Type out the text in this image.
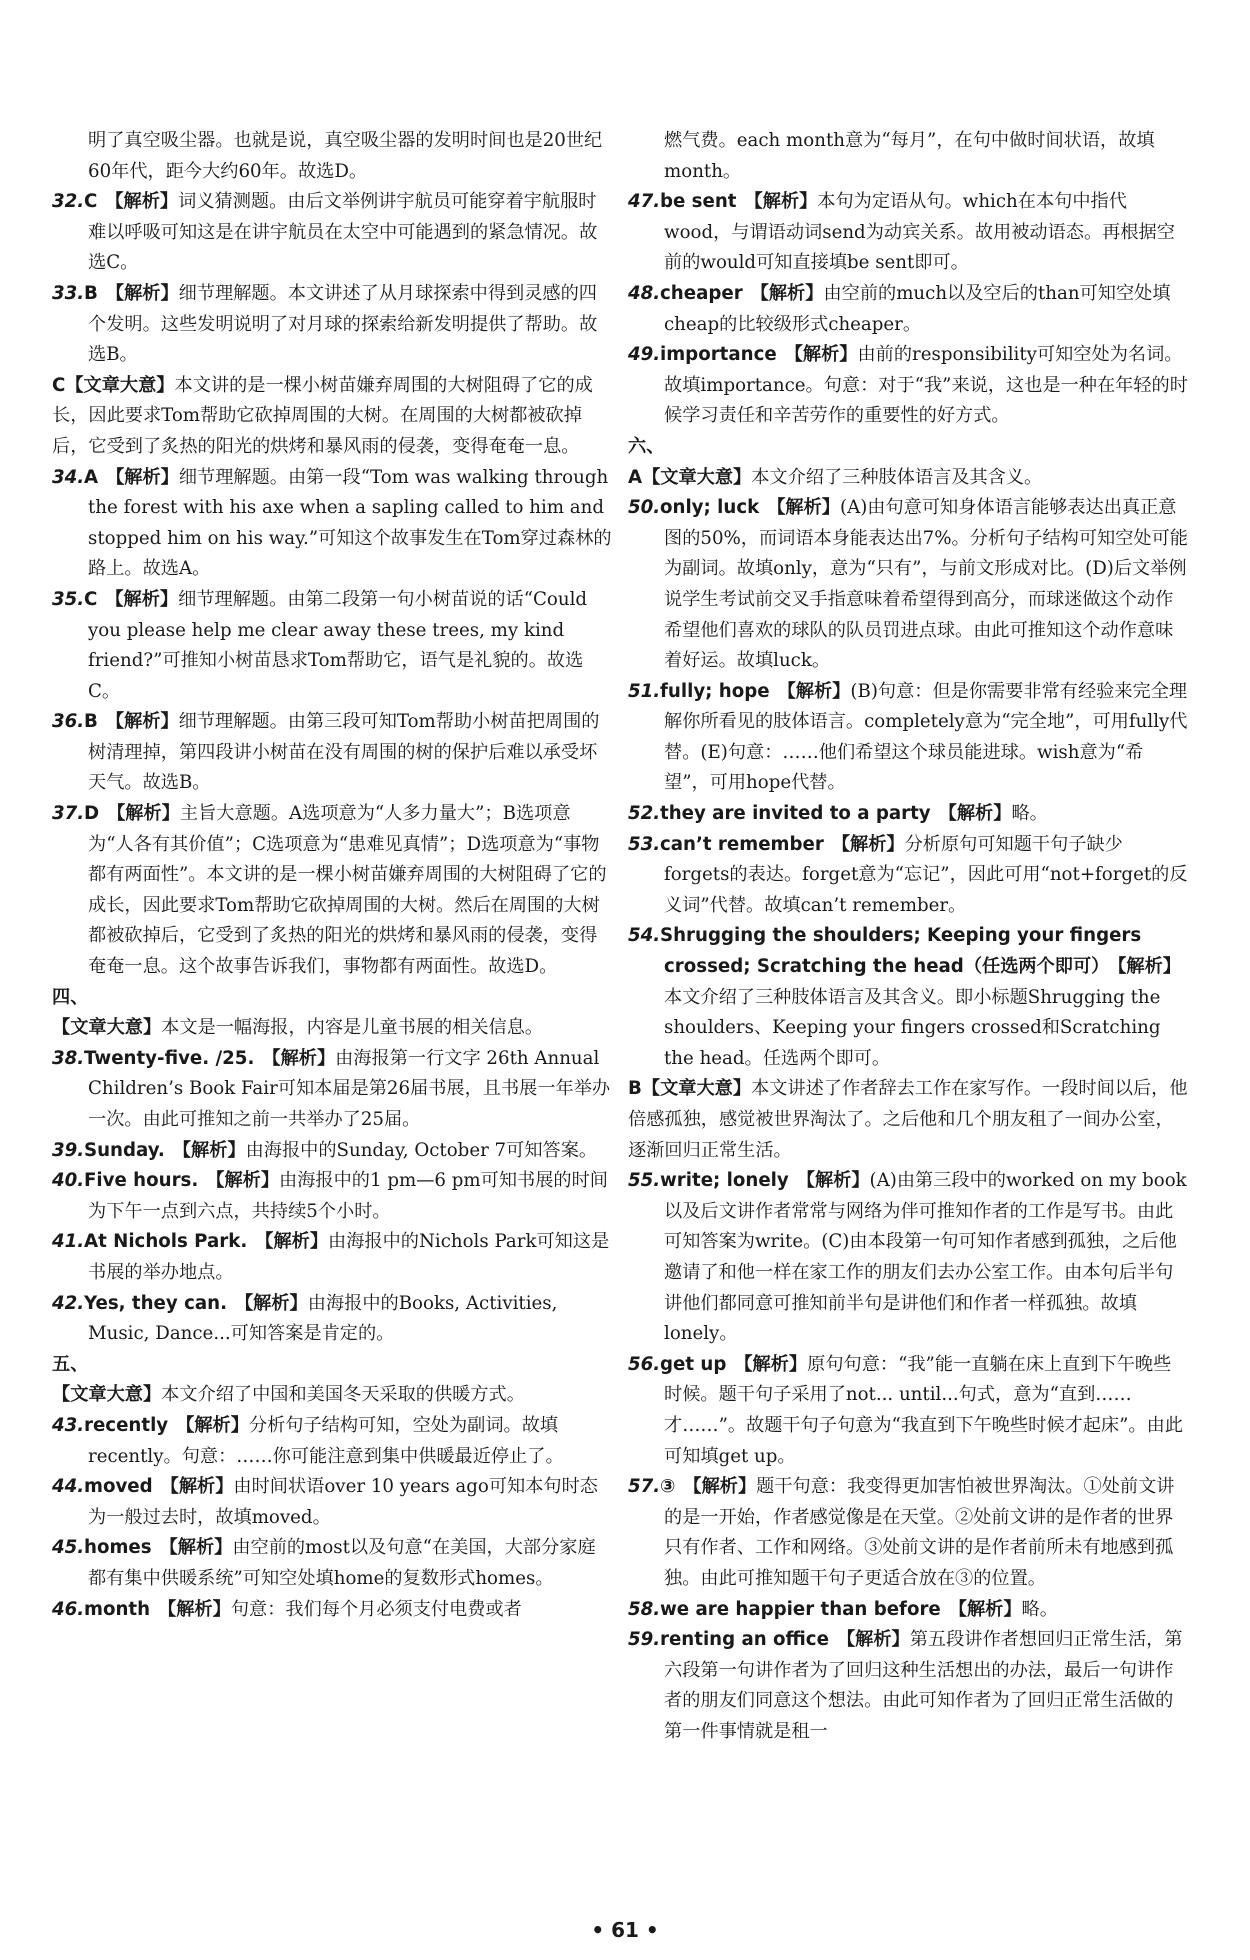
明了真空吸尘器。也就是说，真空吸尘器的发明时间也是20世纪60年代，距今大约60年。故选D。

32.C 【解析】词义猜测题。由后文举例讲宇航员可能穿着宇航服时难以呼吸可知这是在讲宇航员在太空中可能遇到的紧急情况。故选C。

33.B 【解析】细节理解题。本文讲述了从月球探索中得到灵感的四个发明。这些发明说明了对月球的探索给新发明提供了帮助。故选B。

C【文章大意】本文讲的是一棵小树苗嫌弃周围的大树阻碍了它的成长，因此要求Tom帮助它砍掉周围的大树。在周围的大树都被砍掉后，它受到了炙热的阳光的烘烤和暴风雨的侵袭，变得奄奄一息。

34.A 【解析】细节理解题。由第一段“Tom was walking through the forest with his axe when a sapling called to him and stopped him on his way.”可知这个故事发生在Tom穿过森林的路上。故选A。

35.C 【解析】细节理解题。由第二段第一句小树苗说的话“Could you please help me clear away these trees, my kind friend?”可推知小树苗恳求Tom帮助它，语气是礼貌的。故选C。

36.B 【解析】细节理解题。由第三段可知Tom帮助小树苗把周围的树清理掉，第四段讲小树苗在没有周围的树的保护后难以承受坏天气。故选B。

37.D 【解析】主旨大意题。A选项意为“人多力量大”；B选项意为“人各有其价值”；C选项意为“患难见真情”；D选项意为“事物都有两面性”。本文讲的是一棵小树苗嫌弃周围的大树阻碍了它的成长，因此要求Tom帮助它砍掉周围的大树。然后在周围的大树都被砍掉后，它受到了炙热的阳光的烘烤和暴风雨的侵袭，变得奄奄一息。这个故事告诉我们，事物都有两面性。故选D。

四、

【文章大意】本文是一幅海报，内容是儿童书展的相关信息。

38.Twenty-five. /25. 【解析】由海报第一行文字 26th Annual Children’s Book Fair可知本届是第26届书展，且书展一年举办一次。由此可推知之前一共举办了25届。

39.Sunday. 【解析】由海报中的Sunday, October 7可知答案。

40.Five hours. 【解析】由海报中的1 pm—6 pm可知书展的时间为下午一点到六点，共持续5个小时。

41.At Nichols Park. 【解析】由海报中的Nichols Park可知这是书展的举办地点。

42.Yes, they can. 【解析】由海报中的Books, Activities, Music, Dance...可知答案是肯定的。

五、

【文章大意】本文介绍了中国和美国冬天采取的供暖方式。

43.recently 【解析】分析句子结构可知，空处为副词。故填recently。句意：……你可能注意到集中供暖最近停止了。

44.moved 【解析】由时间状语over 10 years ago可知本句时态为一般过去时，故填moved。

45.homes 【解析】由空前的most以及句意“在美国，大部分家庭都有集中供暖系统”可知空处填home的复数形式homes。

46.month 【解析】句意：我们每个月必须支付电费或者

燃气费。each month意为“每月”，在句中做时间状语，故填month。

47.be sent 【解析】本句为定语从句。which在本句中指代wood，与谓语动词send为动宾关系。故用被动语态。再根据空前的would可知直接填be sent即可。

48.cheaper 【解析】由空前的much以及空后的than可知空处填cheap的比较级形式cheaper。

49.importance 【解析】由前的responsibility可知空处为名词。故填importance。句意：对于“我”来说，这也是一种在年轻的时候学习责任和辛苦劳作的重要性的好方式。

六、

A【文章大意】本文介绍了三种肢体语言及其含义。

50.only; luck 【解析】(A)由句意可知身体语言能够表达出真正意图的50%，而词语本身能表达出7%。分析句子结构可知空处可能为副词。故填only，意为“只有”，与前文形成对比。(D)后文举例说学生考试前交叉手指意味着希望得到高分，而球迷做这个动作希望他们喜欢的球队的队员罚进点球。由此可推知这个动作意味着好运。故填luck。

51.fully; hope 【解析】(B)句意：但是你需要非常有经验来完全理解你所看见的肢体语言。completely意为“完全地”，可用fully代替。(E)句意：……他们希望这个球员能进球。wish意为“希望”，可用hope代替。

52.they are invited to a party 【解析】略。

53.can’t remember 【解析】分析原句可知题干句子缺少forgets的表达。forget意为“忘记”，因此可用“not+forget的反义词”代替。故填can’t remember。

54.Shrugging the shoulders; Keeping your fingers crossed; Scratching the head（任选两个即可） 【解析】本文介绍了三种肢体语言及其含义。即小标题Shrugging the shoulders、Keeping your fingers crossed和Scratching the head。任选两个即可。

B【文章大意】本文讲述了作者辞去工作在家写作。一段时间以后，他倍感孤独，感觉被世界淘汰了。之后他和几个朋友租了一间办公室，逐渐回归正常生活。

55.write; lonely 【解析】(A)由第三段中的worked on my book以及后文讲作者常常与网络为伴可推知作者的工作是写书。由此可知答案为write。(C)由本段第一句可知作者感到孤独，之后他邀请了和他一样在家工作的朋友们去办公室工作。由本句后半句讲他们都同意可推知前半句是讲他们和作者一样孤独。故填lonely。

56.get up 【解析】原句句意：“我”能一直躺在床上直到下午晚些时候。题干句子采用了not... until...句式，意为“直到……才……”。故题干句子句意为“我直到下午晚些时候才起床”。由此可知填get up。

57.③ 【解析】题干句意：我变得更加害怕被世界淘汰。①处前文讲的是一开始，作者感觉像是在天堂。②处前文讲的是作者的世界只有作者、工作和网络。③处前文讲的是作者前所未有地感到孤独。由此可推知题干句子更适合放在③的位置。

58.we are happier than before 【解析】略。

59.renting an office 【解析】第五段讲作者想回归正常生活，第六段第一句讲作者为了回归这种生活想出的办法，最后一句讲作者的朋友们同意这个想法。由此可知作者为了回归正常生活做的第一件事情就是租一

• 61 •
